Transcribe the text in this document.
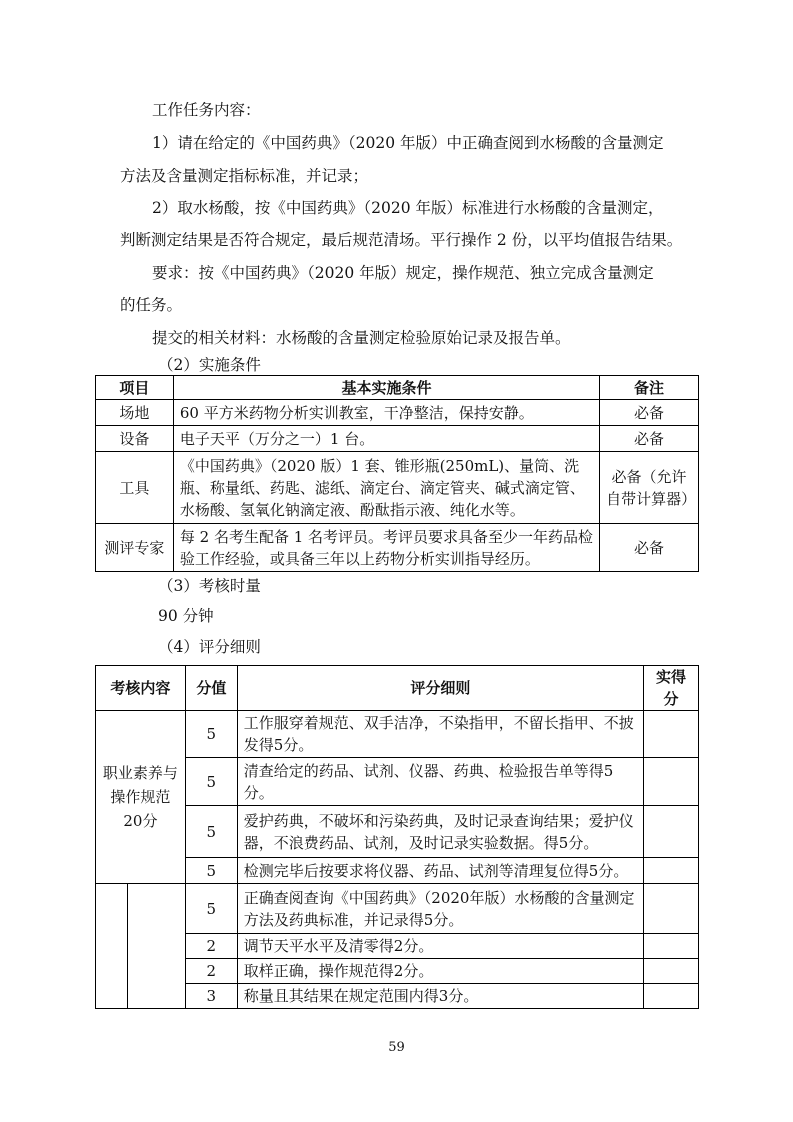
工作任务内容：

1）请在给定的《中国药典》（2020 年版）中正确查阅到水杨酸的含量测定

方法及含量测定指标标准，并记录；

2）取水杨酸，按《中国药典》（2020 年版）标准进行水杨酸的含量测定，

判断测定结果是否符合规定，最后规范清场。平行操作 2 份，以平均值报告结果。

要求：按《中国药典》（2020 年版）规定，操作规范、独立完成含量测定

的任务。

提交的相关材料：水杨酸的含量测定检验原始记录及报告单。

（2）实施条件

项目	基本实施条件	备注
场地	60 平方米药物分析实训教室，干净整洁，保持安静。	必备
设备	电子天平（万分之一）1 台。	必备
工具	《中国药典》（2020 版）1 套、锥形瓶(250mL)、量筒、洗瓶、称量纸、药匙、滤纸、滴定台、滴定管夹、碱式滴定管、水杨酸、氢氧化钠滴定液、酚酞指示液、纯化水等。	必备（允许自带计算器）
测评专家	每 2 名考生配备 1 名考评员。考评员要求具备至少一年药品检验工作经验，或具备三年以上药物分析实训指导经历。	必备

（3）考核时量

90 分钟

（4）评分细则

考核内容		分值	评分细则	实得分
职业素养与操作规范 20分		5	工作服穿着规范、双手洁净，不染指甲，不留长指甲、不披发得5分。	
		5	清查给定的药品、试剂、仪器、药典、检验报告单等得5分。	
		5	爱护药典，不破坏和污染药典，及时记录查询结果；爱护仪器，不浪费药品、试剂，及时记录实验数据。得5分。	
		5	检测完毕后按要求将仪器、药品、试剂等清理复位得5分。	
		5	正确查阅查询《中国药典》（2020年版）水杨酸的含量测定方法及药典标准，并记录得5分。	
		2	调节天平水平及清零得2分。	
		2	取样正确，操作规范得2分。	
		3	称量且其结果在规定范围内得3分。	
59
